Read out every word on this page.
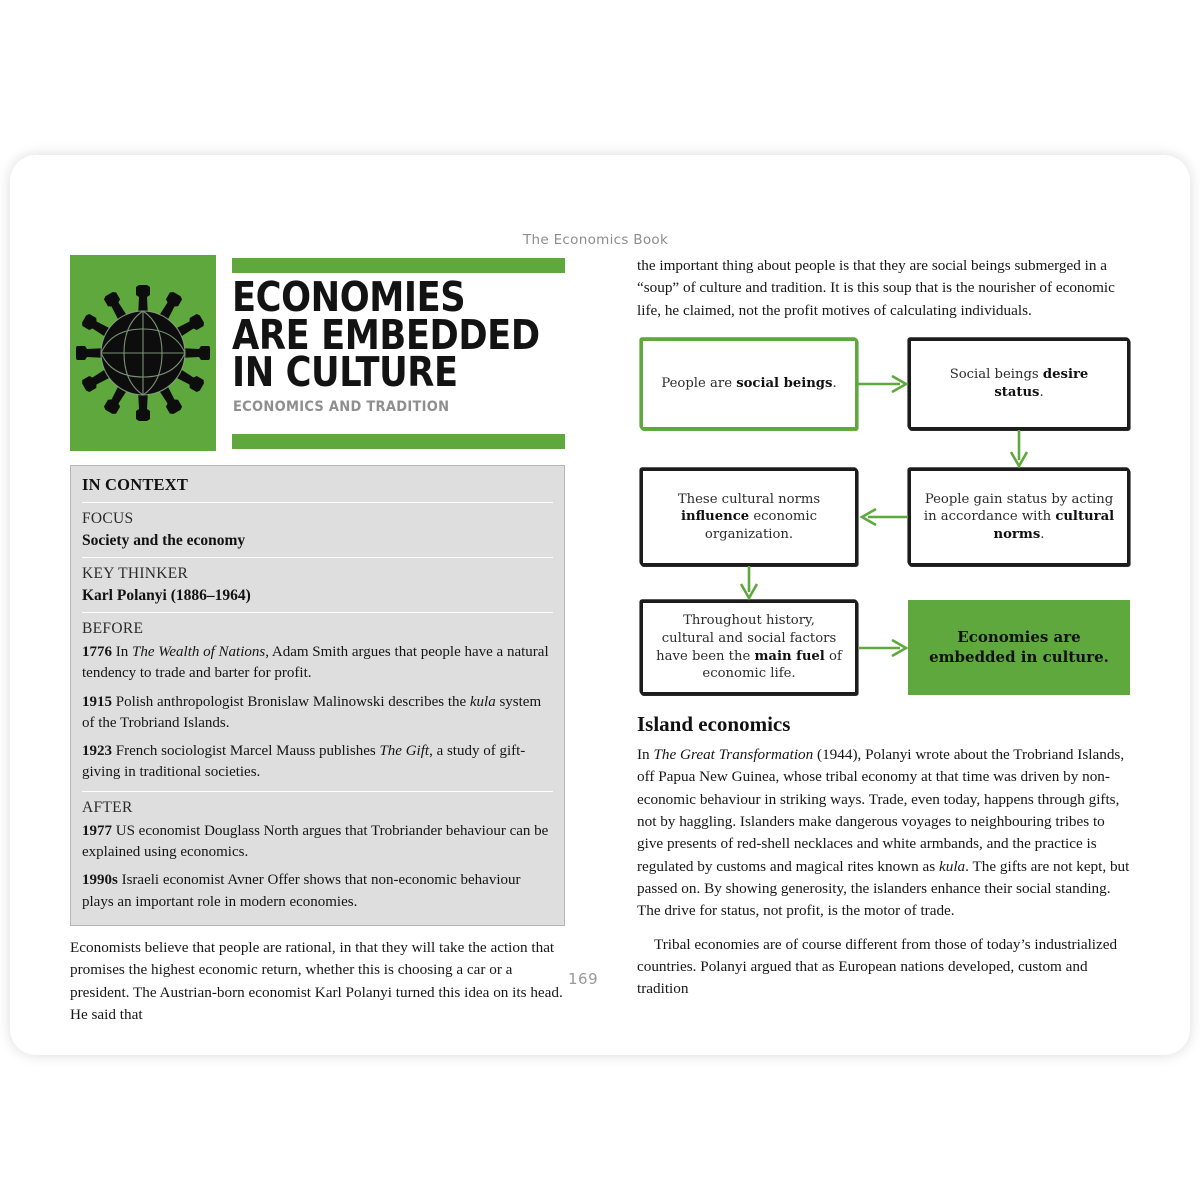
The Economics Book
ECONOMIES
ARE EMBEDDED
IN CULTURE
ECONOMICS AND TRADITION
IN CONTEXT
FOCUS
Society and the economy
KEY THINKER
Karl Polanyi (1886–1964)
BEFORE
1776 In The Wealth of Nations, Adam Smith argues that people have a natural tendency to trade and barter for profit.
1915 Polish anthropologist Bronislaw Malinowski describes the kula system of the Trobriand Islands.
1923 French sociologist Marcel Mauss publishes The Gift, a study of gift-giving in traditional societies.
AFTER
1977 US economist Douglass North argues that Trobriander behaviour can be explained using economics.
1990s Israeli economist Avner Offer shows that non-economic behaviour plays an important role in modern economies.

Economists believe that people are rational, in that they will take the action that promises the highest economic return, whether this is choosing a car or a president. The Austrian-born economist Karl Polanyi turned this idea on its head. He said that

the important thing about people is that they are social beings submerged in a “soup” of culture and tradition. It is this soup that is the nourisher of economic life, he claimed, not the profit motives of calculating individuals.

People are social beings.
Social beings desire status.
These cultural norms influence economic organization.
People gain status by acting in accordance with cultural norms.
Throughout history, cultural and social factors have been the main fuel of economic life.
Economies are embedded in culture.
Island economics

In The Great Transformation (1944), Polanyi wrote about the Trobriand Islands, off Papua New Guinea, whose tribal economy at that time was driven by non-economic behaviour in striking ways. Trade, even today, happens through gifts, not by haggling. Islanders make dangerous voyages to neighbouring tribes to give presents of red-shell necklaces and white armbands, and the practice is regulated by customs and magical rites known as kula. The gifts are not kept, but passed on. By showing generosity, the islanders enhance their social standing. The drive for status, not profit, is the motor of trade.

Tribal economies are of course different from those of today’s industrialized countries. Polanyi argued that as European nations developed, custom and tradition

169
